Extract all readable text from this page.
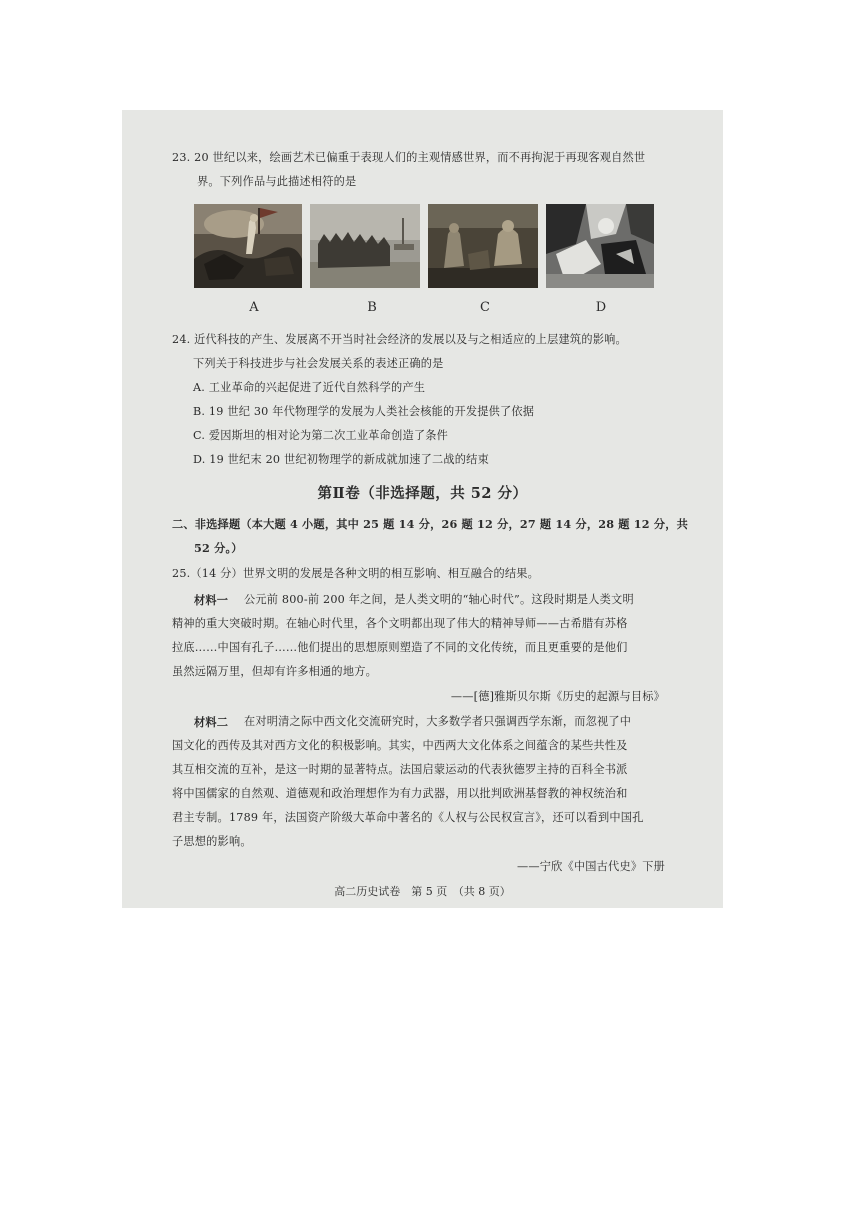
23. 20 世纪以来，绘画艺术已偏重于表现人们的主观情感世界，而不再拘泥于再现客观自然世
界。下列作品与此描述相符的是
A	B	C	D
24. 近代科技的产生、发展离不开当时社会经济的发展以及与之相适应的上层建筑的影响。
下列关于科技进步与社会发展关系的表述正确的是
A. 工业革命的兴起促进了近代自然科学的产生
B. 19 世纪 30 年代物理学的发展为人类社会核能的开发提供了依据
C. 爱因斯坦的相对论为第二次工业革命创造了条件
D. 19 世纪末 20 世纪初物理学的新成就加速了二战的结束
第Ⅱ卷（非选择题，共 52 分）
二、非选择题（本大题 4 小题，其中 25 题 14 分，26 题 12 分，27 题 14 分，28 题 12 分，共
52 分。）
25.（14 分）世界文明的发展是各种文明的相互影响、相互融合的结果。
材料一 公元前 800-前 200 年之间，是人类文明的“轴心时代”。这段时期是人类文明
精神的重大突破时期。在轴心时代里，各个文明都出现了伟大的精神导师——古希腊有苏格
拉底……中国有孔子……他们提出的思想原则塑造了不同的文化传统，而且更重要的是他们
虽然远隔万里，但却有许多相通的地方。
——[德]雅斯贝尔斯《历史的起源与目标》
材料二 在对明清之际中西文化交流研究时，大多数学者只强调西学东渐，而忽视了中
国文化的西传及其对西方文化的积极影响。其实，中西两大文化体系之间蕴含的某些共性及
其互相交流的互补，是这一时期的显著特点。法国启蒙运动的代表狄德罗主持的百科全书派
将中国儒家的自然观、道德观和政治理想作为有力武器，用以批判欧洲基督教的神权统治和
君主专制。1789 年，法国资产阶级大革命中著名的《人权与公民权宣言》，还可以看到中国孔
子思想的影响。
——宁欣《中国古代史》下册
高二历史试卷　第 5 页　（共 8 页）
